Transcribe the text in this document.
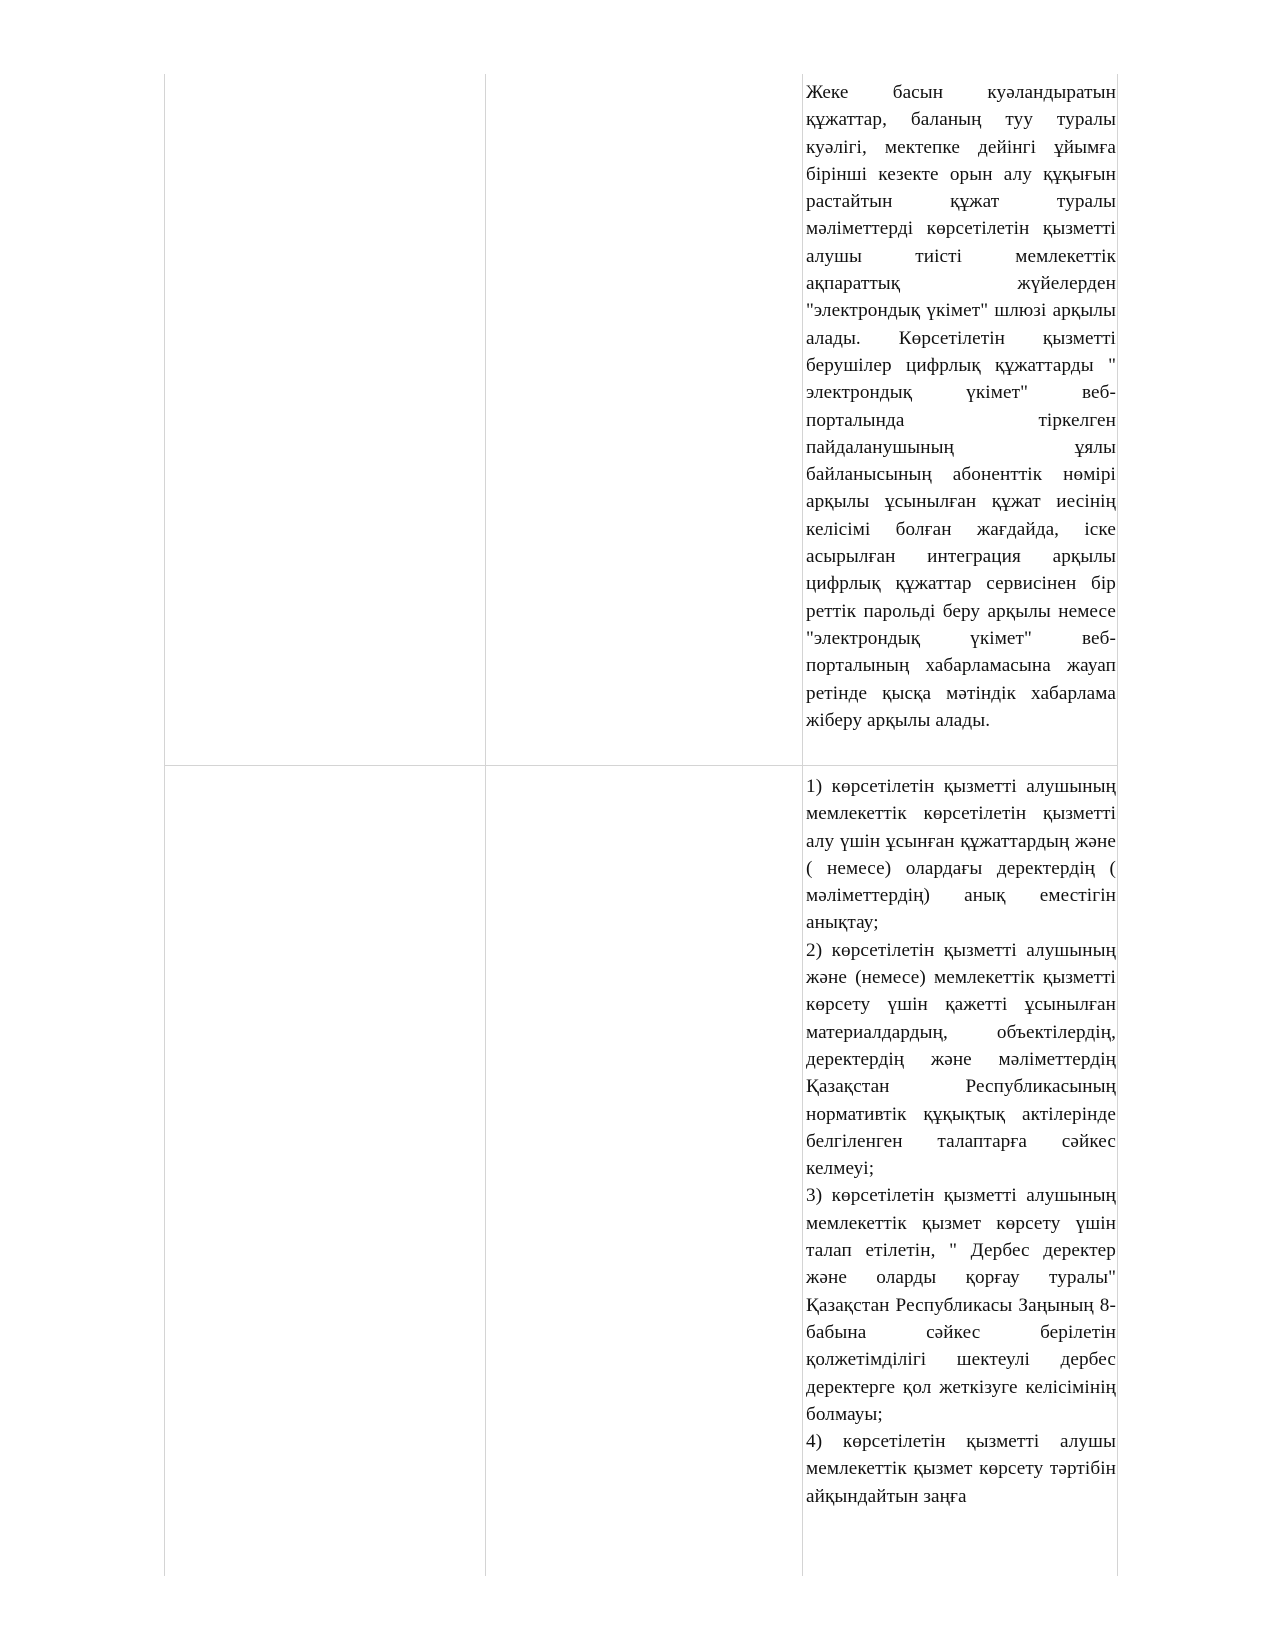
Жеке басын куәландыратын құжаттар, баланың туу туралы куәлігі, мектепке дейінгі ұйымға бірінші кезекте орын алу құқығын растайтын құжат туралы мәліметтерді көрсетілетін қызметті алушы тиісті мемлекеттік ақпараттық жүйелерден "электрондық үкімет" шлюзі арқылы алады. Көрсетілетін қызметті берушілер цифрлық құжаттарды " электрондық үкімет" веб-порталында тіркелген пайдаланушының ұялы байланысының абоненттік нөмірі арқылы ұсынылған құжат иесінің келісімі болған жағдайда, іске асырылған интеграция арқылы цифрлық құжаттар сервисінен бір реттік парольді беру арқылы немесе "электрондық үкімет" веб-порталының хабарламасына жауап ретінде қысқа мәтіндік хабарлама жіберу арқылы алады.

1) көрсетілетін қызметті алушының мемлекеттік көрсетілетін қызметті алу үшін ұсынған құжаттардың және ( немесе) олардағы деректердің ( мәліметтердің) анық еместігін анықтау;

2) көрсетілетін қызметті алушының және (немесе) мемлекеттік қызметті көрсету үшін қажетті ұсынылған материалдардың, объектілердің, деректердің және мәліметтердің Қазақстан Республикасының нормативтік құқықтық актілерінде белгіленген талаптарға сәйкес келмеуі;

3) көрсетілетін қызметті алушының мемлекеттік қызмет көрсету үшін талап етілетін, " Дербес деректер және оларды қорғау туралы" Қазақстан Республикасы Заңының 8-бабына сәйкес берілетін қолжетімділігі шектеулі дербес деректерге қол жеткізуге келісімінің болмауы;

4) көрсетілетін қызметті алушы мемлекеттік қызмет көрсету тәртібін айқындайтын заңға
